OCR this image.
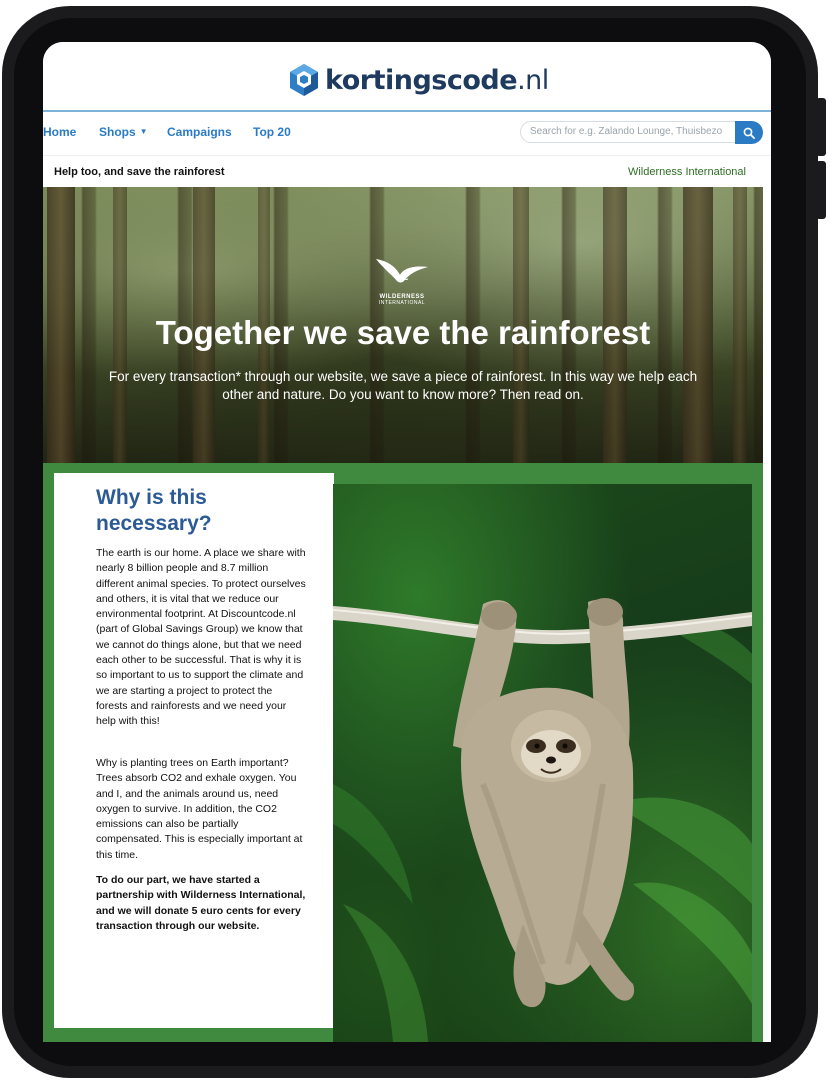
kortingscode .nl
Home Shops ▼ Campaigns Top 20	Search for e.g. Zalando Lounge, Thuisbezo
Help too, and save the rainforest	Wilderness International
WILDERNESS
INTERNATIONAL
Together we save the rainforest
For every transaction* through our website, we save a piece of rainforest. In this way we help each other and nature. Do you want to know more? Then read on.
Why is this necessary?

The earth is our home. A place we share with nearly 8 billion people and 8.7 million different animal species. To protect ourselves and others, it is vital that we reduce our environmental footprint. At Discountcode.nl (part of Global Savings Group) we know that we cannot do things alone, but that we need each other to be successful. That is why it is so important to us to support the climate and we are starting a project to protect the forests and rainforests and we need your help with this!

Why is planting trees on Earth important? Trees absorb CO2 and exhale oxygen. You and I, and the animals around us, need oxygen to survive. In addition, the CO2 emissions can also be partially compensated. This is especially important at this time.

To do our part, we have started a partnership with Wilderness International, and we will donate 5 euro cents for every transaction through our website.
